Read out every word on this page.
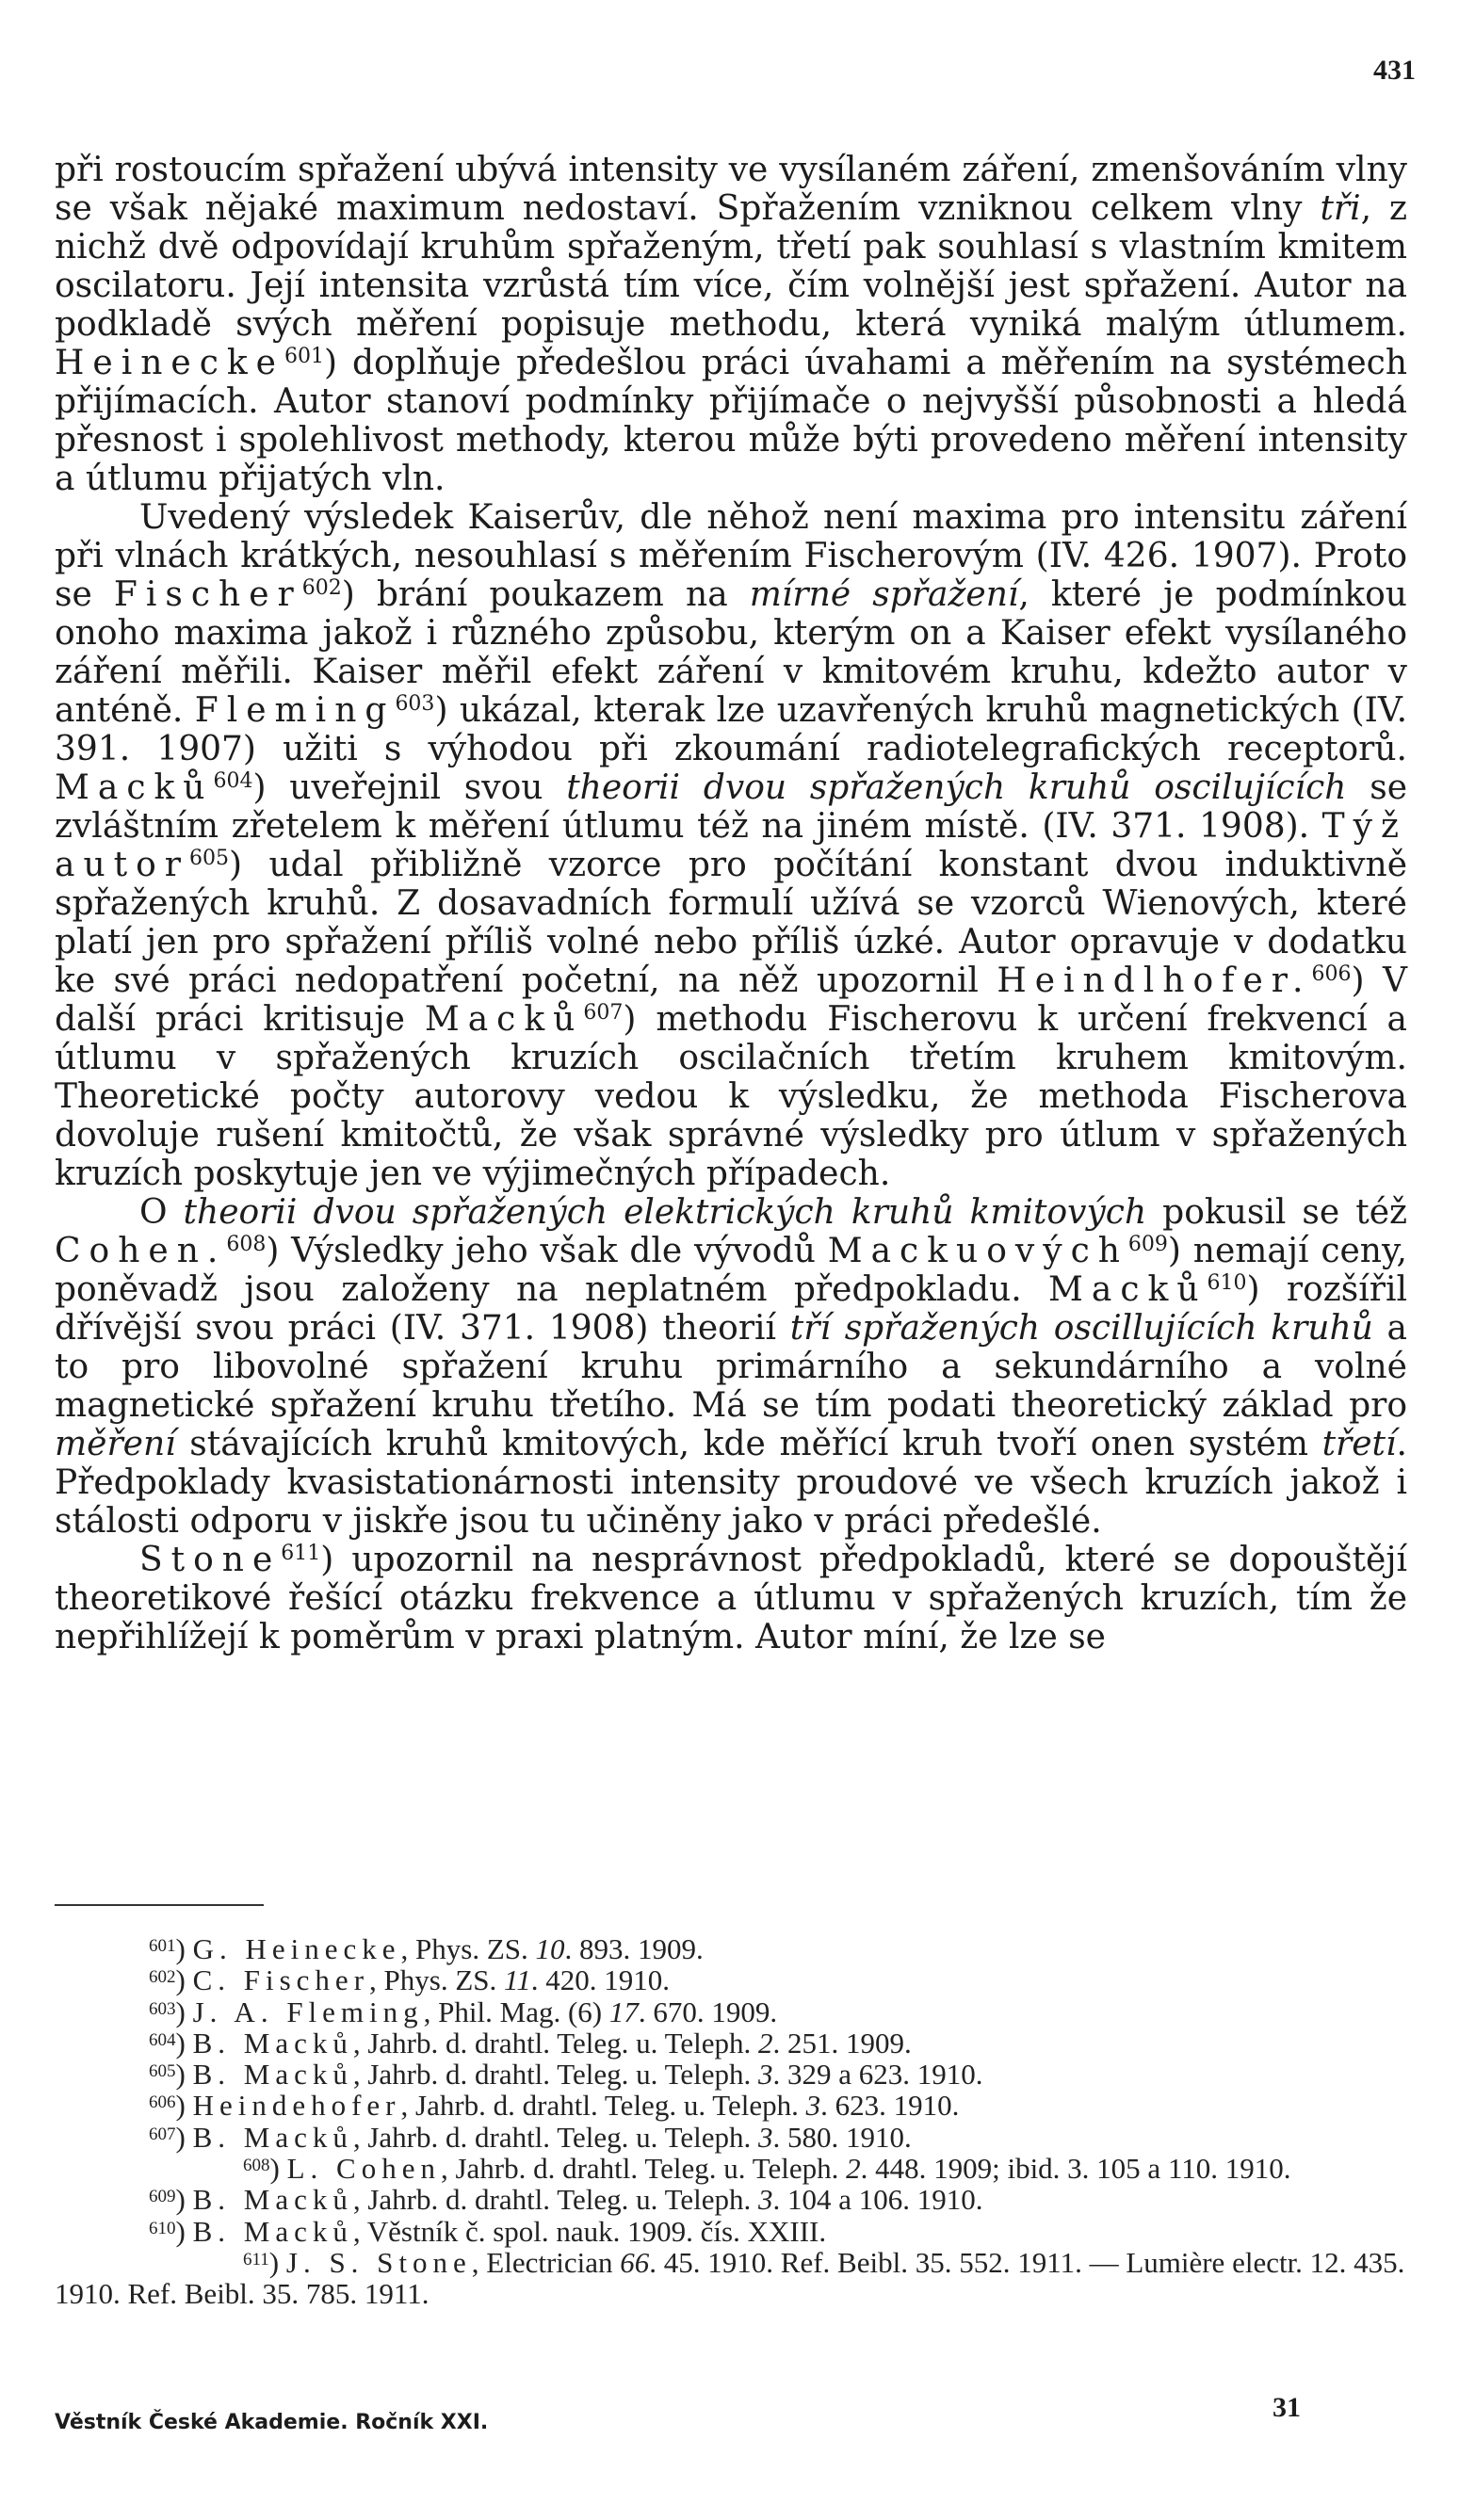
431

při rostoucím spřažení ubývá intensity ve vysílaném záření, zmenšováním vlny se však nějaké maximum nedostaví. Spřažením vzniknou celkem vlny tři, z nichž dvě odpovídají kruhům spřaženým, třetí pak souhlasí s vlastním kmitem oscilatoru. Její intensita vzrůstá tím více, čím volnější jest spřažení. Autor na podkladě svých měření popisuje methodu, která vyniká malým útlumem. Heinecke$^{601}$) doplňuje předešlou práci úvahami a měřením na systémech přijímacích. Autor stanoví podmínky přijímače o nejvyšší působnosti a hledá přesnost i spolehlivost methody, kterou může býti provedeno měření intensity a útlumu přijatých vln.

Uvedený výsledek Kaiserův, dle něhož není maxima pro intensitu záření při vlnách krátkých, nesouhlasí s měřením Fischerovým (IV. 426. 1907). Proto se Fischer$^{602}$) brání poukazem na mírné spřažení, které je podmínkou onoho maxima jakož i různého způsobu, kterým on a Kaiser efekt vysílaného záření měřili. Kaiser měřil efekt záření v kmitovém kruhu, kdežto autor v anténě. Fleming$^{603}$) ukázal, kterak lze uzavřených kruhů magnetických (IV. 391. 1907) užiti s výhodou při zkoumání radiotelegrafických receptorů. Macků$^{604}$) uveřejnil svou theorii dvou spřažených kruhů oscilujících se zvláštním zřetelem k měření útlumu též na jiném místě. (IV. 371. 1908). Týž autor$^{605}$) udal přibližně vzorce pro počítání konstant dvou induktivně spřažených kruhů. Z dosavadních formulí užívá se vzorců Wienových, které platí jen pro spřažení příliš volné nebo příliš úzké. Autor opravuje v dodatku ke své práci nedopatření početní, na něž upozornil Heindlhofer.$^{606}$) V další práci kritisuje Macků$^{607}$) methodu Fischerovu k určení frekvencí a útlumu v spřažených kruzích oscilačních třetím kruhem kmitovým. Theoretické počty autorovy vedou k výsledku, že methoda Fischerova dovoluje rušení kmitočtů, že však správné výsledky pro útlum v spřažených kruzích poskytuje jen ve výjimečných případech.

O theorii dvou spřažených elektrických kruhů kmitových pokusil se též Cohen.$^{608}$) Výsledky jeho však dle vývodů Mackuových$^{609}$) nemají ceny, poněvadž jsou založeny na neplatném předpokladu. Macků$^{610}$) rozšířil dřívější svou práci (IV. 371. 1908) theorií tří spřažených oscillujících kruhů a to pro libovolné spřažení kruhu primárního a sekundárního a volné magnetické spřažení kruhu třetího. Má se tím podati theoretický základ pro měření stávajících kruhů kmitových, kde měřící kruh tvoří onen systém třetí. Předpoklady kvasistationárnosti intensity proudové ve všech kruzích jakož i stálosti odporu v jiskře jsou tu učiněny jako v práci předešlé.

Stone$^{611}$) upozornil na nesprávnost předpokladů, které se dopouštějí theoretikové řešící otázku frekvence a útlumu v spřažených kruzích, tím že nepřihlížejí k poměrům v praxi platným. Autor míní, že lze se

$^{601}$) G. Heinecke, Phys. ZS. 10. 893. 1909.

$^{602}$) C. Fischer, Phys. ZS. 11. 420. 1910.

$^{603}$) J. A. Fleming, Phil. Mag. (6) 17. 670. 1909.

$^{604}$) B. Macků, Jahrb. d. drahtl. Teleg. u. Teleph. 2. 251. 1909.

$^{605}$) B. Macků, Jahrb. d. drahtl. Teleg. u. Teleph. 3. 329 a 623. 1910.

$^{606}$) Heindehofer, Jahrb. d. drahtl. Teleg. u. Teleph. 3. 623. 1910.

$^{607}$) B. Macků, Jahrb. d. drahtl. Teleg. u. Teleph. 3. 580. 1910.

$^{608}$) L. Cohen, Jahrb. d. drahtl. Teleg. u. Teleph. 2. 448. 1909; ibid. 3. 105 a 110. 1910.

$^{609}$) B. Macků, Jahrb. d. drahtl. Teleg. u. Teleph. 3. 104 a 106. 1910.

$^{610}$) B. Macků, Věstník č. spol. nauk. 1909. čís. XXIII.

$^{611}$) J. S. Stone, Electrician 66. 45. 1910. Ref. Beibl. 35. 552. 1911. — Lumière electr. 12. 435. 1910. Ref. Beibl. 35. 785. 1911.

Věstník České Akademie. Ročník XXI.	31
